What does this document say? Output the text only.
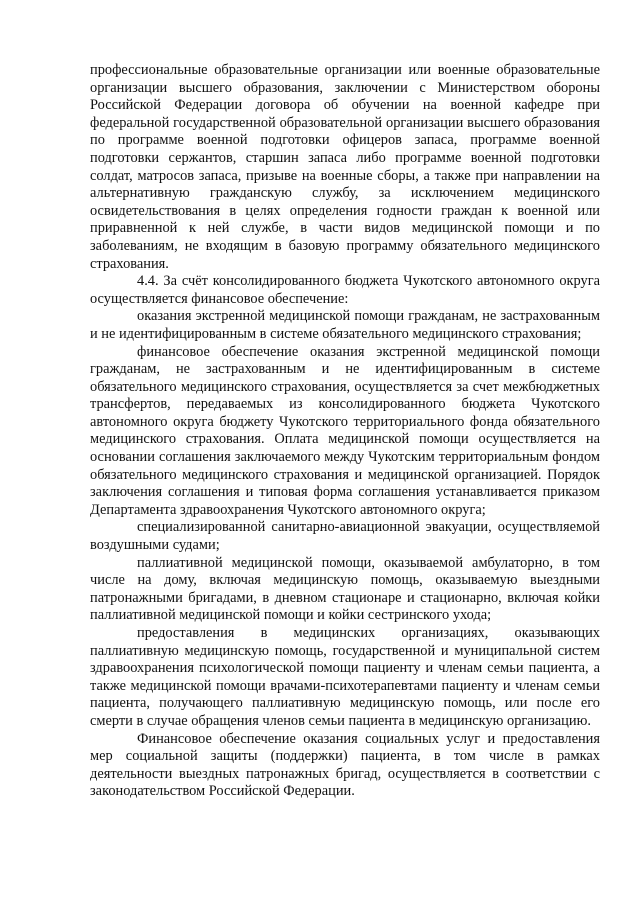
профессиональные образовательные организации или военные образовательные организации высшего образования, заключении с Министерством обороны Российской Федерации договора об обучении на военной кафедре при федеральной государственной образовательной организации высшего образования по программе военной подготовки офицеров запаса, программе военной подготовки сержантов, старшин запаса либо программе военной подготовки солдат, матросов запаса, призыве на военные сборы, а также при направлении на альтернативную гражданскую службу, за исключением медицинского освидетельствования в целях определения годности граждан к военной или приравненной к ней службе, в части видов медицинской помощи и по заболеваниям, не входящим в базовую программу обязательного медицинского страхования.

4.4. За счёт консолидированного бюджета Чукотского автономного округа осуществляется финансовое обеспечение:

оказания экстренной медицинской помощи гражданам, не застрахованным и не идентифицированным в системе обязательного медицинского страхования;

финансовое обеспечение оказания экстренной медицинской помощи гражданам, не застрахованным и не идентифицированным в системе обязательного медицинского страхования, осуществляется за счет межбюджетных трансфертов, передаваемых из консолидированного бюджета Чукотского автономного округа бюджету Чукотского территориального фонда обязательного медицинского страхования. Оплата медицинской помощи осуществляется на основании соглашения заключаемого между Чукотским территориальным фондом обязательного медицинского страхования и медицинской организацией. Порядок заключения соглашения и типовая форма соглашения устанавливается приказом Департамента здравоохранения Чукотского автономного округа;

специализированной санитарно-авиационной эвакуации, осуществляемой воздушными судами;

паллиативной медицинской помощи, оказываемой амбулаторно, в том числе на дому, включая медицинскую помощь, оказываемую выездными патронажными бригадами, в дневном стационаре и стационарно, включая койки паллиативной медицинской помощи и койки сестринского ухода;

предоставления в медицинских организациях, оказывающих паллиативную медицинскую помощь, государственной и муниципальной систем здравоохранения психологической помощи пациенту и членам семьи пациента, а также медицинской помощи врачами-психотерапевтами пациенту и членам семьи пациента, получающего паллиативную медицинскую помощь, или после его смерти в случае обращения членов семьи пациента в медицинскую организацию.

Финансовое обеспечение оказания социальных услуг и предоставления мер социальной защиты (поддержки) пациента, в том числе в рамках деятельности выездных патронажных бригад, осуществляется в соответствии с законодательством Российской Федерации.
